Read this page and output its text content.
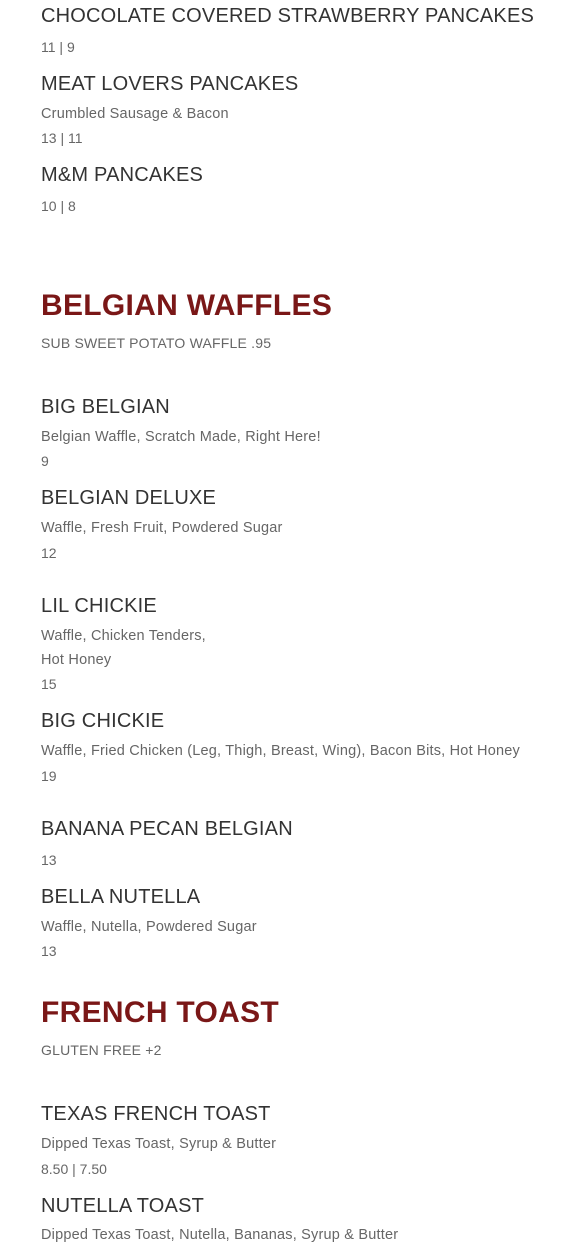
CHOCOLATE COVERED STRAWBERRY PANCAKES
11 | 9
MEAT LOVERS PANCAKES
Crumbled Sausage & Bacon
13 | 11
M&M PANCAKES
10 | 8
BELGIAN WAFFLES
SUB SWEET POTATO WAFFLE .95
BIG BELGIAN
Belgian Waffle, Scratch Made, Right Here!
9
BELGIAN DELUXE
Waffle, Fresh Fruit, Powdered Sugar
12
LIL CHICKIE
Waffle, Chicken Tenders,
Hot Honey
15
BIG CHICKIE
Waffle, Fried Chicken (Leg, Thigh, Breast, Wing), Bacon Bits, Hot Honey
19
BANANA PECAN BELGIAN
13
BELLA NUTELLA
Waffle, Nutella, Powdered Sugar
13
FRENCH TOAST
GLUTEN FREE +2
TEXAS FRENCH TOAST
Dipped Texas Toast, Syrup & Butter
8.50 | 7.50
NUTELLA TOAST
Dipped Texas Toast, Nutella, Bananas, Syrup & Butter
